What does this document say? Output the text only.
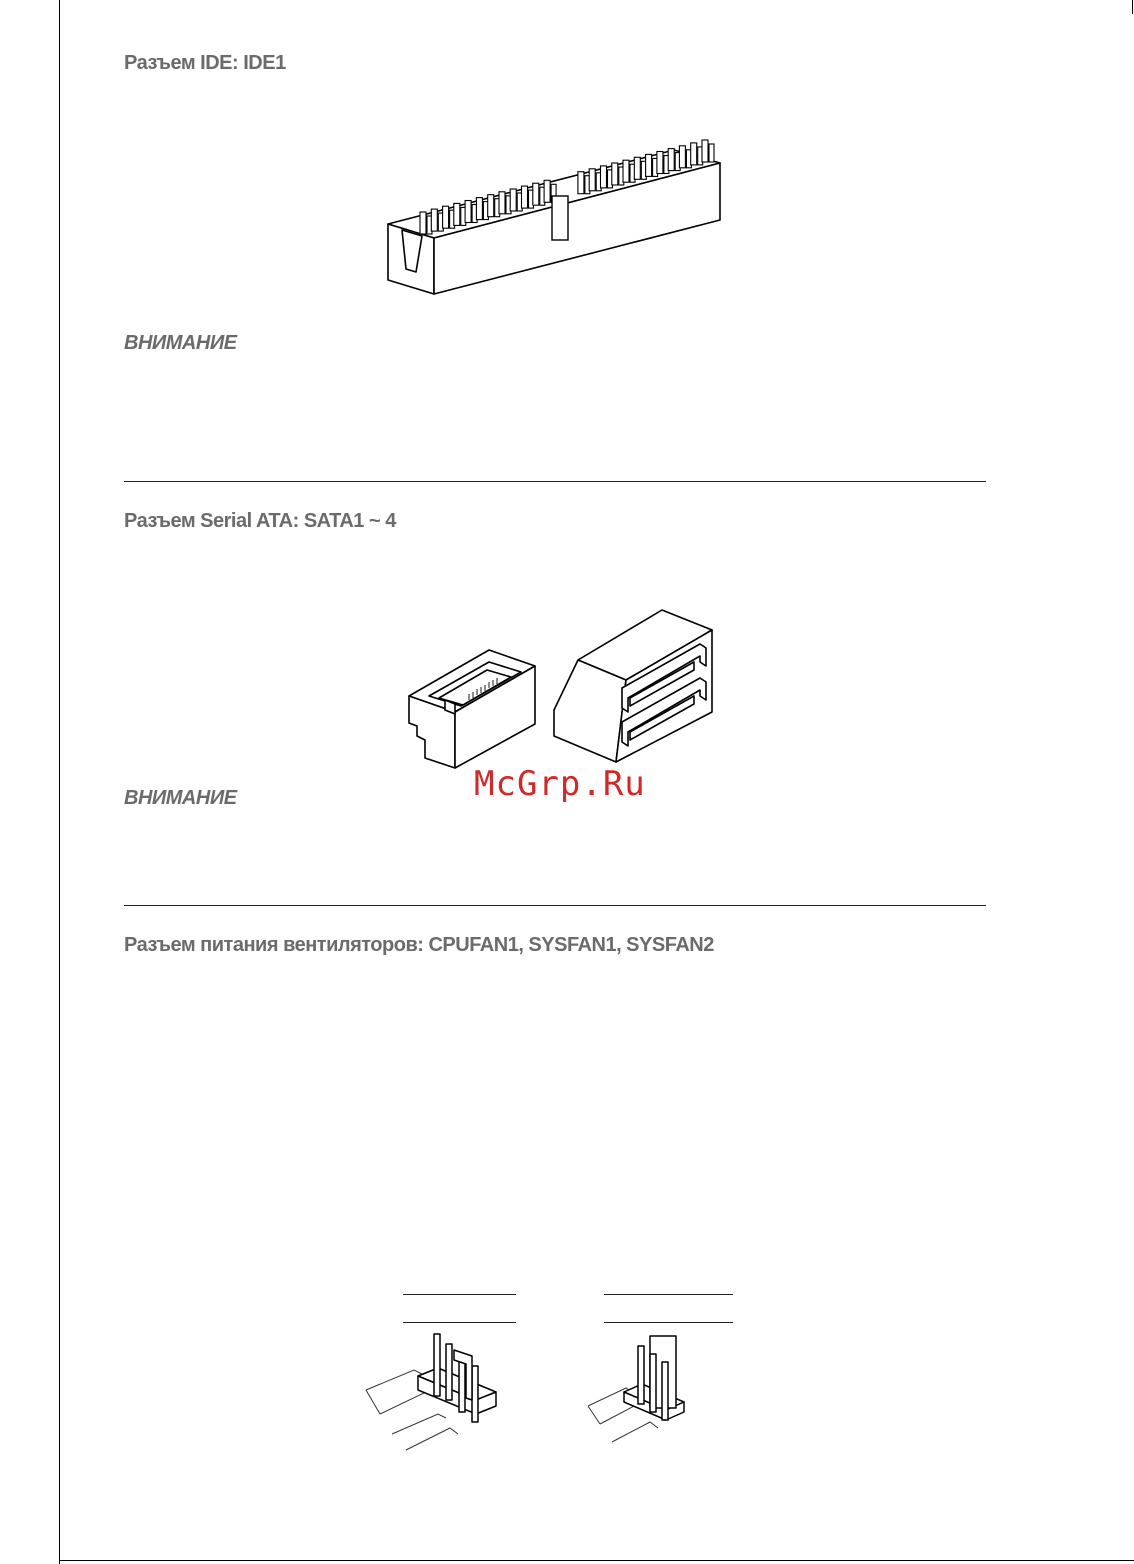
Разъем IDE: IDE1
ВНИМАНИЕ
Разъем Serial ATA: SATA1 ~ 4
McGrp.Ru
ВНИМАНИЕ
Разъем питания вентиляторов: CPUFAN1, SYSFAN1, SYSFAN2
